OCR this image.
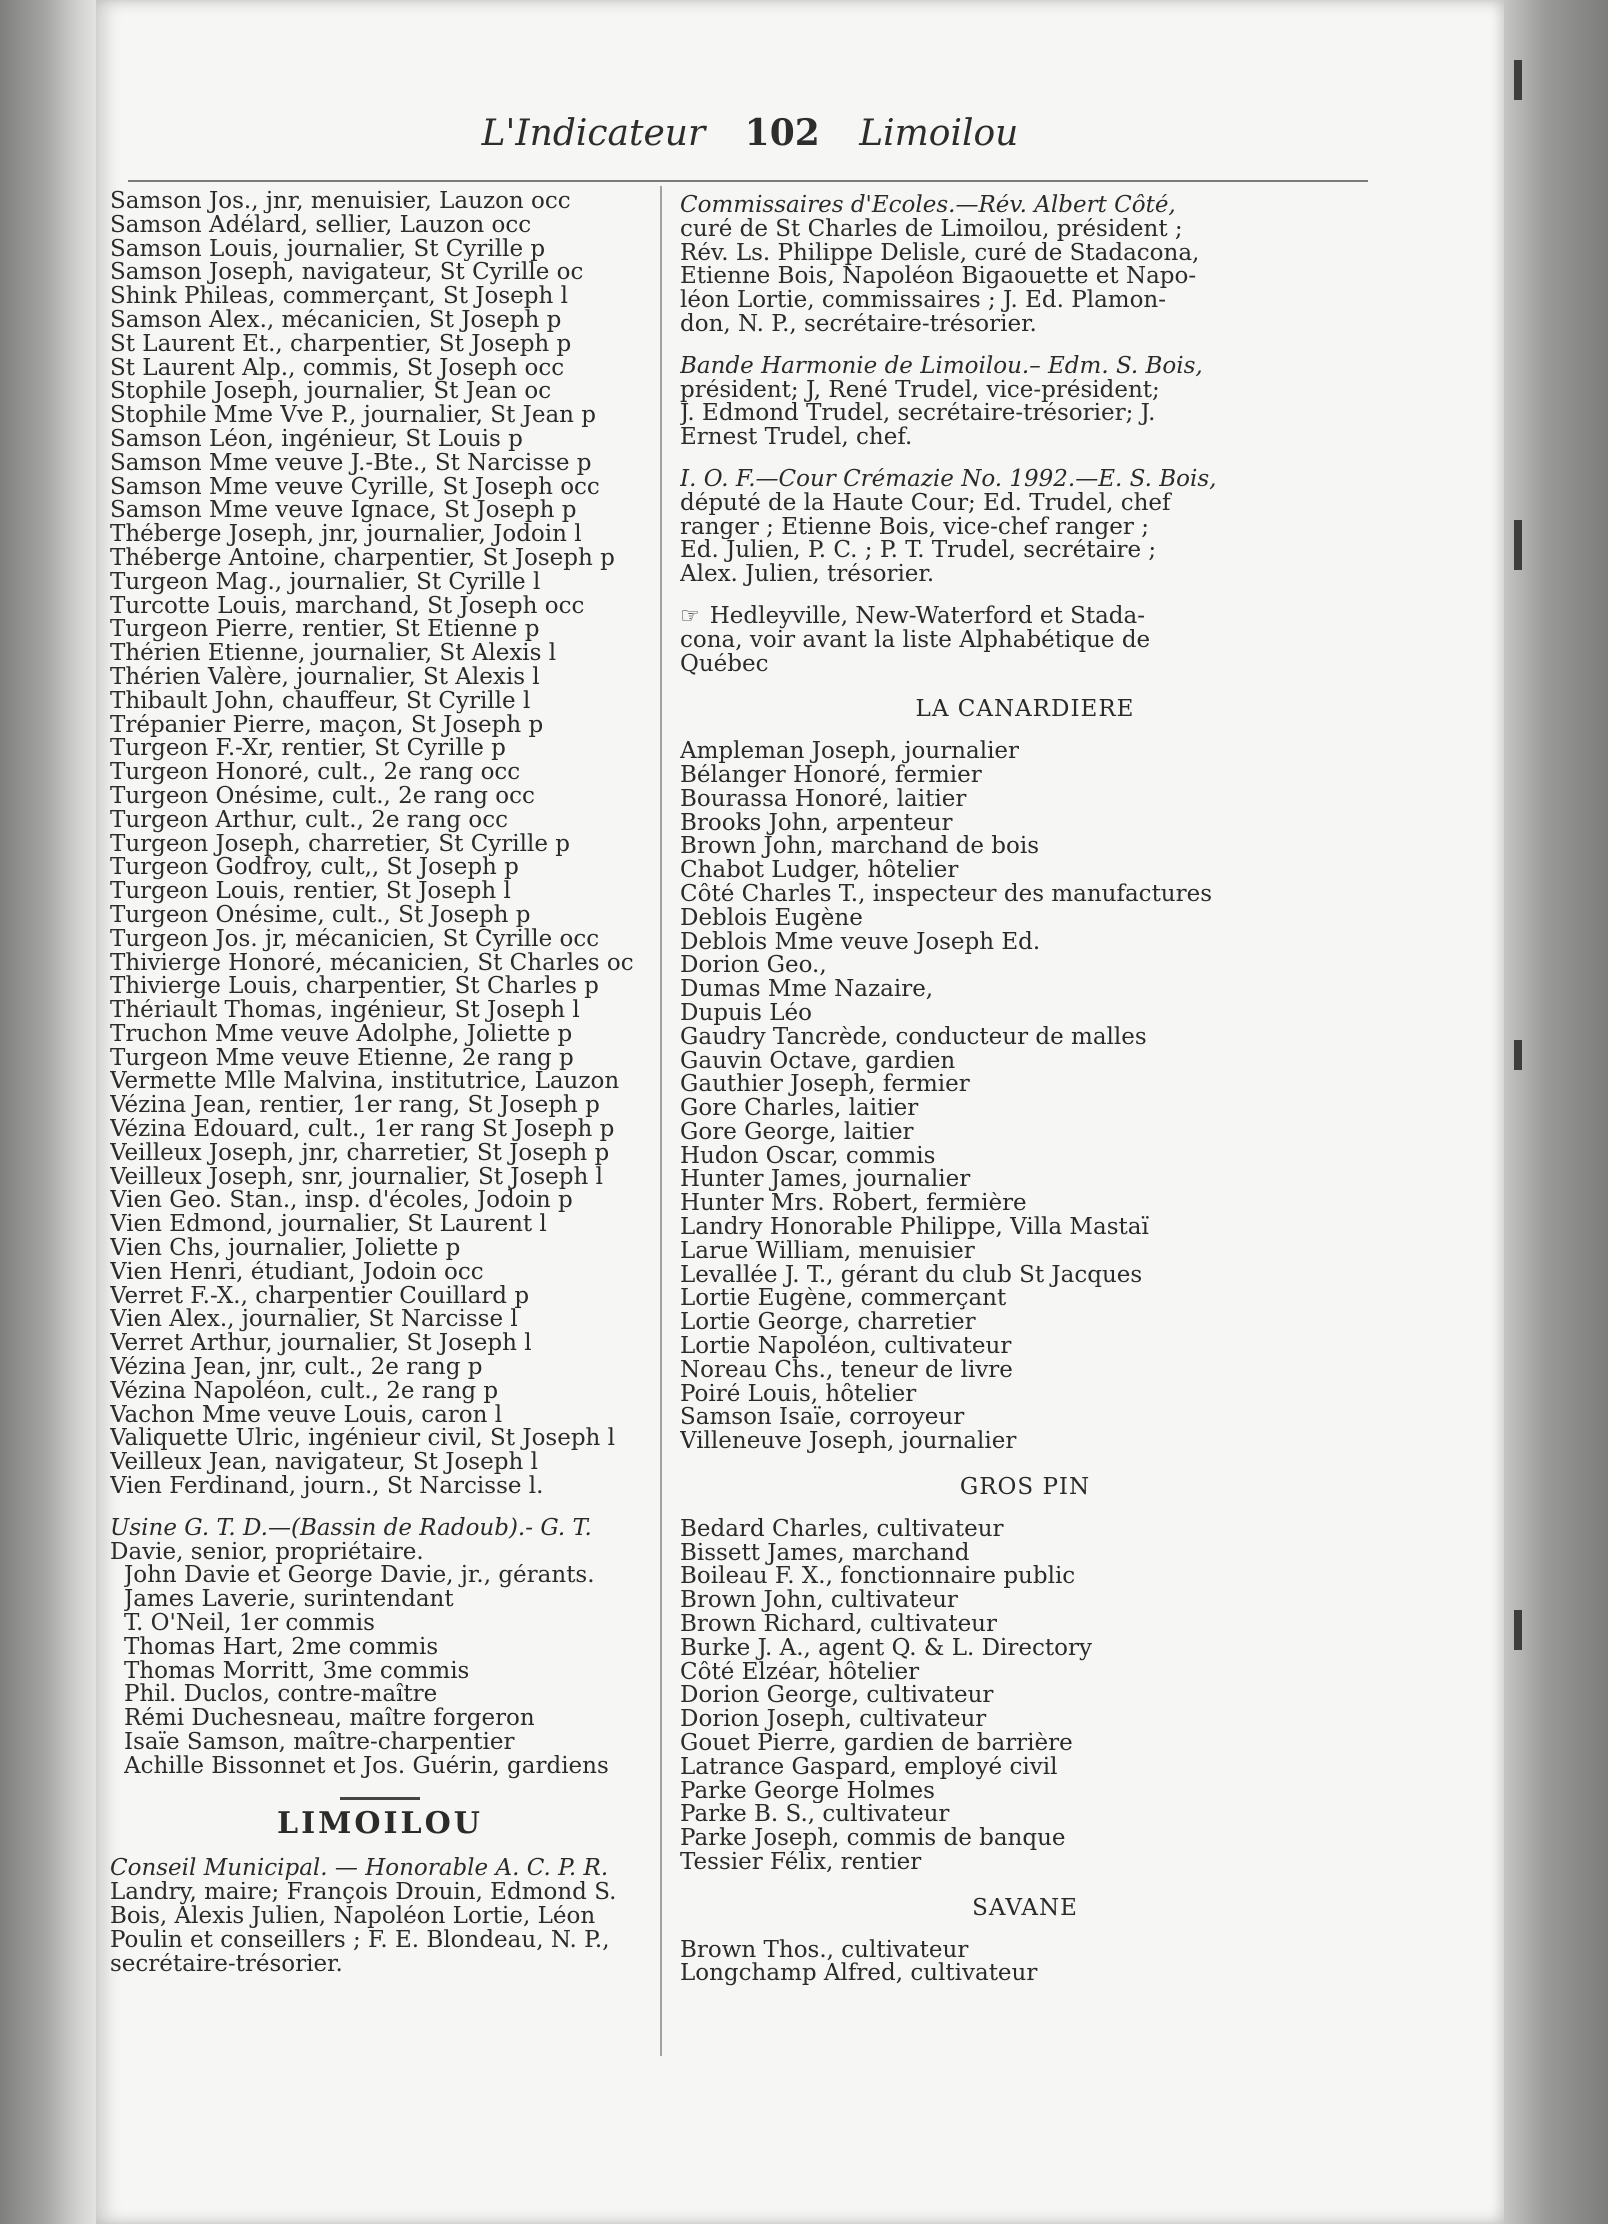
L'Indicateur 102 Limoilou
Samson Jos., jnr, menuisier, Lauzon occ
Samson Adélard, sellier, Lauzon occ
Samson Louis, journalier, St Cyrille p
Samson Joseph, navigateur, St Cyrille oc
Shink Phileas, commerçant, St Joseph l
Samson Alex., mécanicien, St Joseph p
St Laurent Et., charpentier, St Joseph p
St Laurent Alp., commis, St Joseph occ
Stophile Joseph, journalier, St Jean oc
Stophile Mme Vve P., journalier, St Jean p
Samson Léon, ingénieur, St Louis p
Samson Mme veuve J.-Bte., St Narcisse p
Samson Mme veuve Cyrille, St Joseph occ
Samson Mme veuve Ignace, St Joseph p
Théberge Joseph, jnr, journalier, Jodoin l
Théberge Antoine, charpentier, St Joseph p
Turgeon Mag., journalier, St Cyrille l
Turcotte Louis, marchand, St Joseph occ
Turgeon Pierre, rentier, St Etienne p
Thérien Etienne, journalier, St Alexis l
Thérien Valère, journalier, St Alexis l
Thibault John, chauffeur, St Cyrille l
Trépanier Pierre, maçon, St Joseph p
Turgeon F.-Xr, rentier, St Cyrille p
Turgeon Honoré, cult., 2e rang occ
Turgeon Onésime, cult., 2e rang occ
Turgeon Arthur, cult., 2e rang occ
Turgeon Joseph, charretier, St Cyrille p
Turgeon Godfroy, cult,, St Joseph p
Turgeon Louis, rentier, St Joseph l
Turgeon Onésime, cult., St Joseph p
Turgeon Jos. jr, mécanicien, St Cyrille occ
Thivierge Honoré, mécanicien, St Charles oc
Thivierge Louis, charpentier, St Charles p
Thériault Thomas, ingénieur, St Joseph l
Truchon Mme veuve Adolphe, Joliette p
Turgeon Mme veuve Etienne, 2e rang p
Vermette Mlle Malvina, institutrice, Lauzon
Vézina Jean, rentier, 1er rang, St Joseph p
Vézina Edouard, cult., 1er rang St Joseph p
Veilleux Joseph, jnr, charretier, St Joseph p
Veilleux Joseph, snr, journalier, St Joseph l
Vien Geo. Stan., insp. d'écoles, Jodoin p
Vien Edmond, journalier, St Laurent l
Vien Chs, journalier, Joliette p
Vien Henri, étudiant, Jodoin occ
Verret F.-X., charpentier Couillard p
Vien Alex., journalier, St Narcisse l
Verret Arthur, journalier, St Joseph l
Vézina Jean, jnr, cult., 2e rang p
Vézina Napoléon, cult., 2e rang p
Vachon Mme veuve Louis, caron l
Valiquette Ulric, ingénieur civil, St Joseph l
Veilleux Jean, navigateur, St Joseph l
Vien Ferdinand, journ., St Narcisse l.
Usine G. T. D.—(Bassin de Radoub).- G. T.
Davie, senior, propriétaire.
John Davie et George Davie, jr., gérants.
James Laverie, surintendant
T. O'Neil, 1er commis
Thomas Hart, 2me commis
Thomas Morritt, 3me commis
Phil. Duclos, contre-maître
Rémi Duchesneau, maître forgeron
Isaïe Samson, maître-charpentier
Achille Bissonnet et Jos. Guérin, gardiens
LIMOILOU
Conseil Municipal. — Honorable A. C. P. R.
Landry, maire; François Drouin, Edmond S.
Bois, Alexis Julien, Napoléon Lortie, Léon
Poulin et conseillers ; F. E. Blondeau, N. P.,
secrétaire-trésorier.
Commissaires d'Ecoles.—Rév. Albert Côté,
curé de St Charles de Limoilou, président ;
Rév. Ls. Philippe Delisle, curé de Stadacona,
Etienne Bois, Napoléon Bigaouette et Napo-
léon Lortie, commissaires ; J. Ed. Plamon-
don, N. P., secrétaire-trésorier.
Bande Harmonie de Limoilou.– Edm. S. Bois,
président; J, René Trudel, vice-président;
J. Edmond Trudel, secrétaire-trésorier; J.
Ernest Trudel, chef.
I. O. F.—Cour Crémazie No. 1992.—E. S. Bois,
député de la Haute Cour; Ed. Trudel, chef
ranger ; Etienne Bois, vice-chef ranger ;
Ed. Julien, P. C. ; P. T. Trudel, secrétaire ;
Alex. Julien, trésorier.
☞ Hedleyville, New-Waterford et Stada-
cona, voir avant la liste Alphabétique de
Québec
LA CANARDIERE
Ampleman Joseph, journalier
Bélanger Honoré, fermier
Bourassa Honoré, laitier
Brooks John, arpenteur
Brown John, marchand de bois
Chabot Ludger, hôtelier
Côté Charles T., inspecteur des manufactures
Deblois Eugène
Deblois Mme veuve Joseph Ed.
Dorion Geo.,
Dumas Mme Nazaire,
Dupuis Léo
Gaudry Tancrède, conducteur de malles
Gauvin Octave, gardien
Gauthier Joseph, fermier
Gore Charles, laitier
Gore George, laitier
Hudon Oscar, commis
Hunter James, journalier
Hunter Mrs. Robert, fermière
Landry Honorable Philippe, Villa Mastaï
Larue William, menuisier
Levallée J. T., gérant du club St Jacques
Lortie Eugène, commerçant
Lortie George, charretier
Lortie Napoléon, cultivateur
Noreau Chs., teneur de livre
Poiré Louis, hôtelier
Samson Isaïe, corroyeur
Villeneuve Joseph, journalier
GROS PIN
Bedard Charles, cultivateur
Bissett James, marchand
Boileau F. X., fonctionnaire public
Brown John, cultivateur
Brown Richard, cultivateur
Burke J. A., agent Q. & L. Directory
Côté Elzéar, hôtelier
Dorion George, cultivateur
Dorion Joseph, cultivateur
Gouet Pierre, gardien de barrière
Latrance Gaspard, employé civil
Parke George Holmes
Parke B. S., cultivateur
Parke Joseph, commis de banque
Tessier Félix, rentier
SAVANE
Brown Thos., cultivateur
Longchamp Alfred, cultivateur
